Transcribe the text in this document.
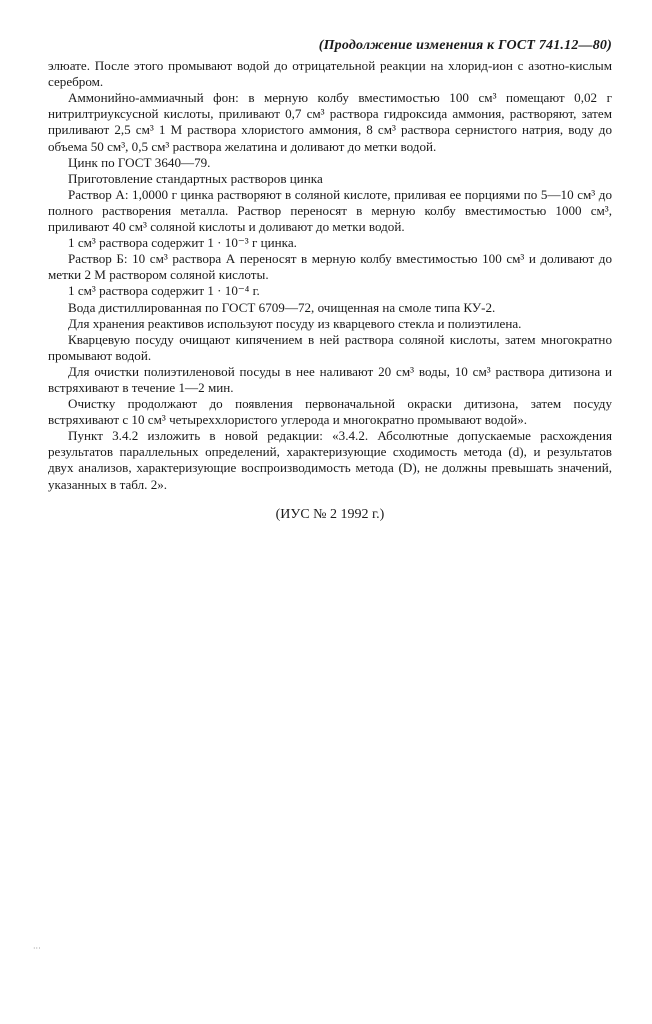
(Продолжение изменения к ГОСТ 741.12—80)

элюате. После этого промывают водой до отрицательной реакции на хлорид-ион с азотно-кислым серебром.

Аммонийно-аммиачный фон: в мерную колбу вместимостью 100 см³ помещают 0,02 г нитрилтриуксусной кислоты, приливают 0,7 см³ раствора гидроксида аммония, растворяют, затем приливают 2,5 см³ 1 М раствора хлористого аммония, 8 см³ раствора сернистого натрия, воду до объема 50 см³, 0,5 см³ раствора желатина и доливают до метки водой.

Цинк по ГОСТ 3640—79.

Приготовление стандартных растворов цинка

Раствор А: 1,0000 г цинка растворяют в соляной кислоте, приливая ее порциями по 5—10 см³ до полного растворения металла. Раствор переносят в мерную колбу вместимостью 1000 см³, приливают 40 см³ соляной кислоты и доливают до метки водой.

1 см³ раствора содержит 1 · 10⁻³ г цинка.

Раствор Б: 10 см³ раствора А переносят в мерную колбу вместимостью 100 см³ и доливают до метки 2 М раствором соляной кислоты.

1 см³ раствора содержит 1 · 10⁻⁴ г.

Вода дистиллированная по ГОСТ 6709—72, очищенная на смоле типа КУ-2.

Для хранения реактивов используют посуду из кварцевого стекла и полиэтилена.

Кварцевую посуду очищают кипячением в ней раствора соляной кислоты, затем многократно промывают водой.

Для очистки полиэтиленовой посуды в нее наливают 20 см³ воды, 10 см³ раствора дитизона и встряхивают в течение 1—2 мин.

Очистку продолжают до появления первоначальной окраски дитизона, затем посуду встряхивают с 10 см³ четыреххлористого углерода и многократно промывают водой».

Пункт 3.4.2 изложить в новой редакции: «3.4.2. Абсолютные допускаемые расхождения результатов параллельных определений, характеризующие сходимость метода (d), и результатов двух анализов, характеризующие воспроизводимость метода (D), не должны превышать значений, указанных в табл. 2».

(ИУС № 2 1992 г.)
···
